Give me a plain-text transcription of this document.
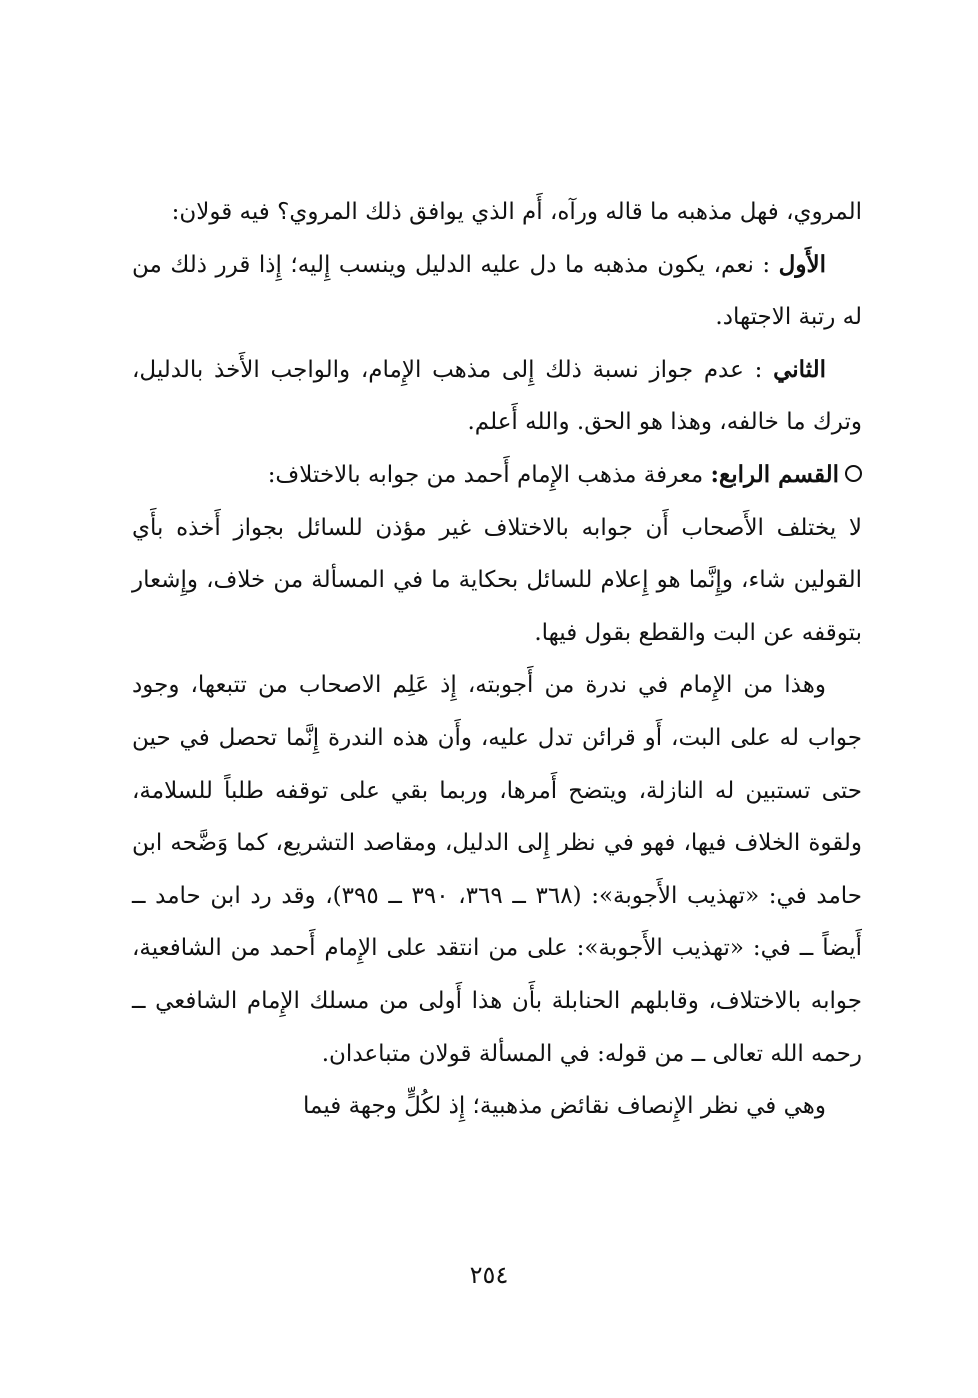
المروي، فهل مذهبه ما قاله ورآه، أَم الذي يوافق ذلك المروي؟ فيه قولان:

الأَول : نعم، يكون مذهبه ما دل عليه الدليل وينسب إِليه؛ إِذا قرر ذلك من له رتبة الاجتهاد.

الثاني : عدم جواز نسبة ذلك إِلى مذهب الإِمام، والواجب الأَخذ بالدليل، وترك ما خالفه، وهذا هو الحق. والله أَعلم.

القسم الرابع: معرفة مذهب الإِمام أَحمد من جوابه بالاختلاف:

لا يختلف الأَصحاب أَن جوابه بالاختلاف غير مؤذن للسائل بجواز أَخذه بأَي القولين شاء، وإِنَّما هو إِعلام للسائل بحكاية ما في المسألة من خلاف، وإِشعار بتوقفه عن البت والقطع بقول فيها.

وهذا من الإِمام في ندرة من أَجوبته، إِذ عَلِم الاصحاب من تتبعها، وجود جواب له على البت، أَو قرائن تدل عليه، وأَن هذه الندرة إِنَّما تحصل في حين حتى تستبين له النازلة، ويتضح أَمرها، وربما بقي على توقفه طلباً للسلامة، ولقوة الخلاف فيها، فهو في نظر إِلى الدليل، ومقاصد التشريع، كما وَضَّحه ابن حامد في: «تهذيب الأَجوبة»: (٣٦٨ ــ ٣٦٩، ٣٩٠ ــ ٣٩٥)، وقد رد ابن حامد ــ أَيضاً ــ في: «تهذيب الأَجوبة»: على من انتقد على الإِمام أَحمد من الشافعية، جوابه بالاختلاف، وقابلهم الحنابلة بأَن هذا أَولى من مسلك الإِمام الشافعي ــ رحمه الله تعالى ــ من قوله: في المسألة قولان متباعدان.

وهي في نظر الإِنصاف نقائض مذهبية؛ إِذ لكُلٍّ وجهة فيما

٢٥٤
